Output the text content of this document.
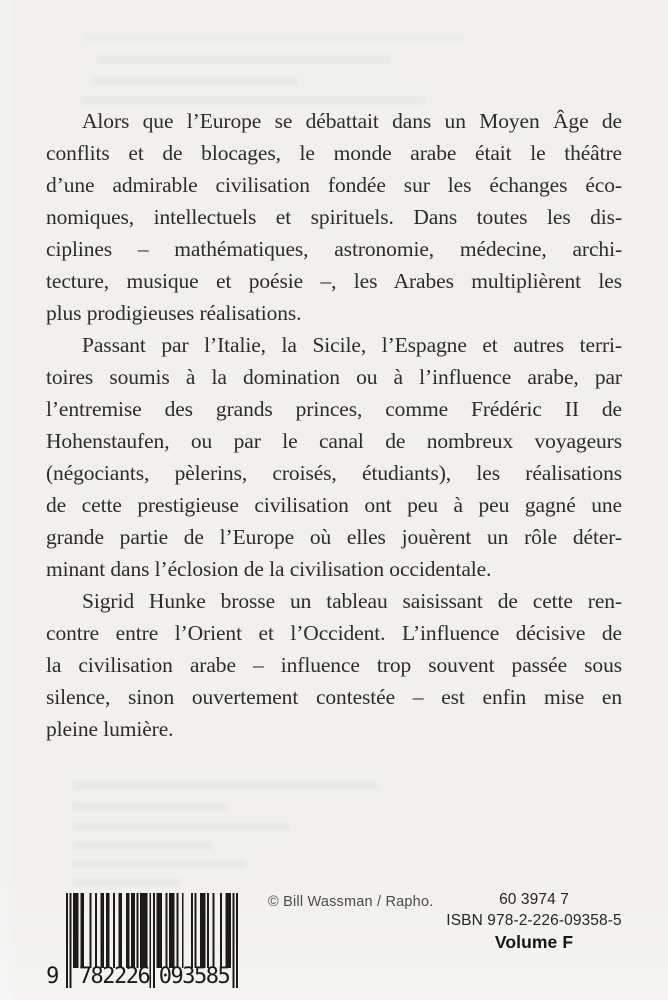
Alors que l’Europe se débattait dans un Moyen Âge de
conflits et de blocages, le monde arabe était le théâtre
d’une admirable civilisation fondée sur les échanges éco-
nomiques, intellectuels et spirituels. Dans toutes les dis-
ciplines – mathématiques, astronomie, médecine, archi-
tecture, musique et poésie –, les Arabes multiplièrent les
plus prodigieuses réalisations.
Passant par l’Italie, la Sicile, l’Espagne et autres terri-
toires soumis à la domination ou à l’influence arabe, par
l’entremise des grands princes, comme Frédéric II de
Hohenstaufen, ou par le canal de nombreux voyageurs
(négociants, pèlerins, croisés, étudiants), les réalisations
de cette prestigieuse civilisation ont peu à peu gagné une
grande partie de l’Europe où elles jouèrent un rôle déter-
minant dans l’éclosion de la civilisation occidentale.
Sigrid Hunke brosse un tableau saisissant de cette ren-
contre entre l’Orient et l’Occident. L’influence décisive de
la civilisation arabe – influence trop souvent passée sous
silence, sinon ouvertement contestée – est enfin mise en
pleine lumière.
9 782226 093585
© Bill Wassman / Rapho.	60 3974 7
ISBN 978-2-226-09358-5
Volume F
